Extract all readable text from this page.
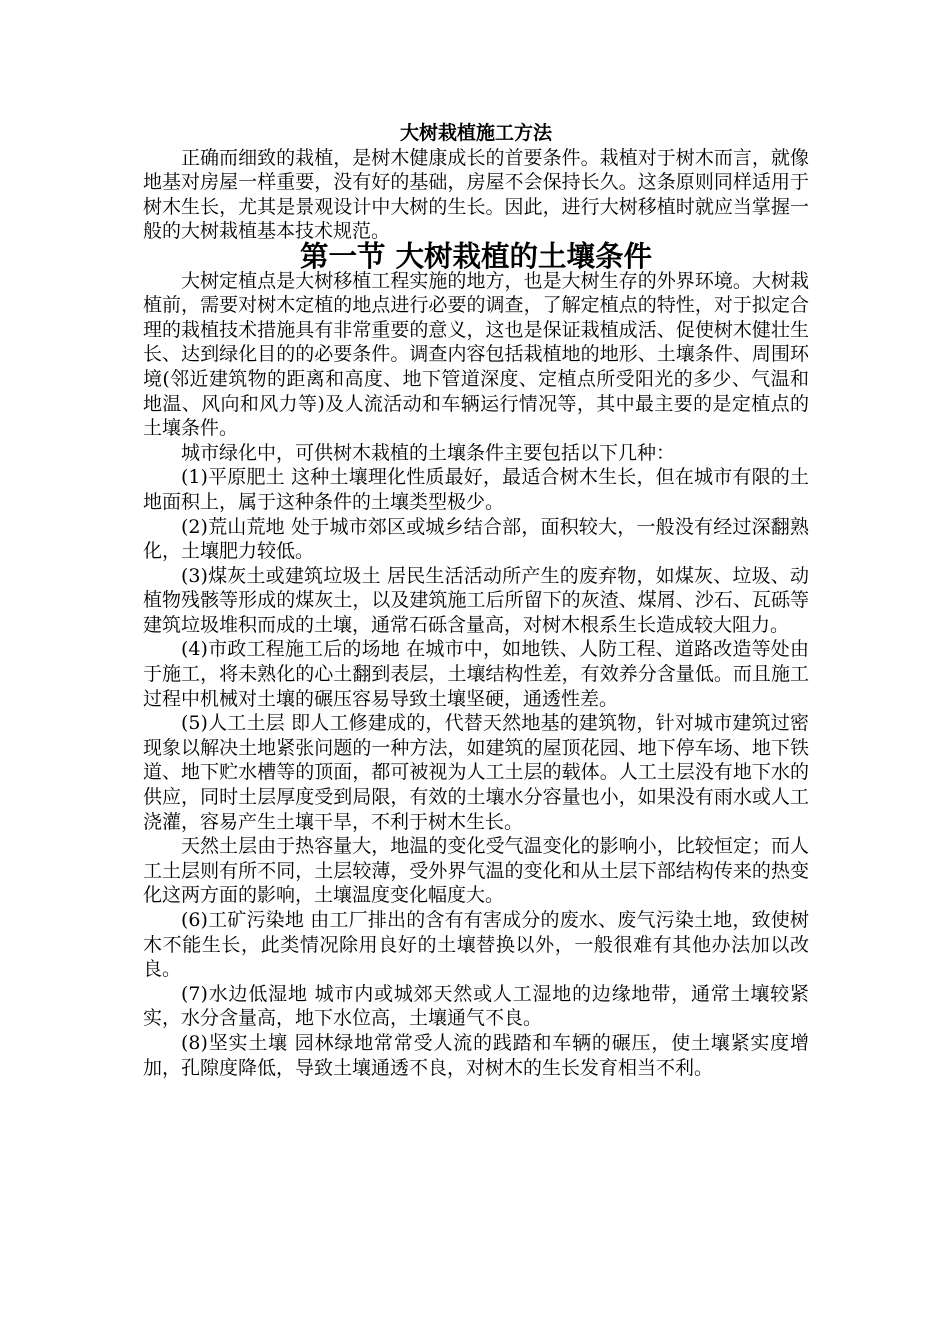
大树栽植施工方法

正确而细致的栽植，是树木健康成长的首要条件。栽植对于树木而言，就像地基对房屋一样重要，没有好的基础，房屋不会保持长久。这条原则同样适用于树木生长，尤其是景观设计中大树的生长。因此，进行大树移植时就应当掌握一般的大树栽植基本技术规范。

第一节 大树栽植的土壤条件

大树定植点是大树移植工程实施的地方，也是大树生存的外界环境。大树栽植前，需要对树木定植的地点进行必要的调查，了解定植点的特性，对于拟定合理的栽植技术措施具有非常重要的意义，这也是保证栽植成活、促使树木健壮生长、达到绿化目的的必要条件。调查内容包括栽植地的地形、土壤条件、周围环境(邻近建筑物的距离和高度、地下管道深度、定植点所受阳光的多少、气温和地温、风向和风力等)及人流活动和车辆运行情况等，其中最主要的是定植点的土壤条件。

城市绿化中，可供树木栽植的土壤条件主要包括以下几种：

(1)平原肥土 这种土壤理化性质最好，最适合树木生长，但在城市有限的土地面积上，属于这种条件的土壤类型极少。

(2)荒山荒地 处于城市郊区或城乡结合部，面积较大，一般没有经过深翻熟化，土壤肥力较低。

(3)煤灰土或建筑垃圾土 居民生活活动所产生的废弃物，如煤灰、垃圾、动植物残骸等形成的煤灰土，以及建筑施工后所留下的灰渣、煤屑、沙石、瓦砾等建筑垃圾堆积而成的土壤，通常石砾含量高，对树木根系生长造成较大阻力。

(4)市政工程施工后的场地 在城市中，如地铁、人防工程、道路改造等处由于施工，将未熟化的心土翻到表层，土壤结构性差，有效养分含量低。而且施工过程中机械对土壤的碾压容易导致土壤坚硬，通透性差。

(5)人工土层 即人工修建成的，代替天然地基的建筑物，针对城市建筑过密现象以解决土地紧张问题的一种方法，如建筑的屋顶花园、地下停车场、地下铁道、地下贮水槽等的顶面，都可被视为人工土层的载体。人工土层没有地下水的供应，同时土层厚度受到局限，有效的土壤水分容量也小，如果没有雨水或人工浇灌，容易产生土壤干旱，不利于树木生长。

天然土层由于热容量大，地温的变化受气温变化的影响小，比较恒定；而人工土层则有所不同，土层较薄，受外界气温的变化和从土层下部结构传来的热变化这两方面的影响，土壤温度变化幅度大。

(6)工矿污染地 由工厂排出的含有有害成分的废水、废气污染土地，致使树木不能生长，此类情况除用良好的土壤替换以外，一般很难有其他办法加以改良。

(7)水边低湿地 城市内或城郊天然或人工湿地的边缘地带，通常土壤较紧实，水分含量高，地下水位高，土壤通气不良。

(8)坚实土壤 园林绿地常常受人流的践踏和车辆的碾压，使土壤紧实度增加，孔隙度降低，导致土壤通透不良，对树木的生长发育相当不利。
